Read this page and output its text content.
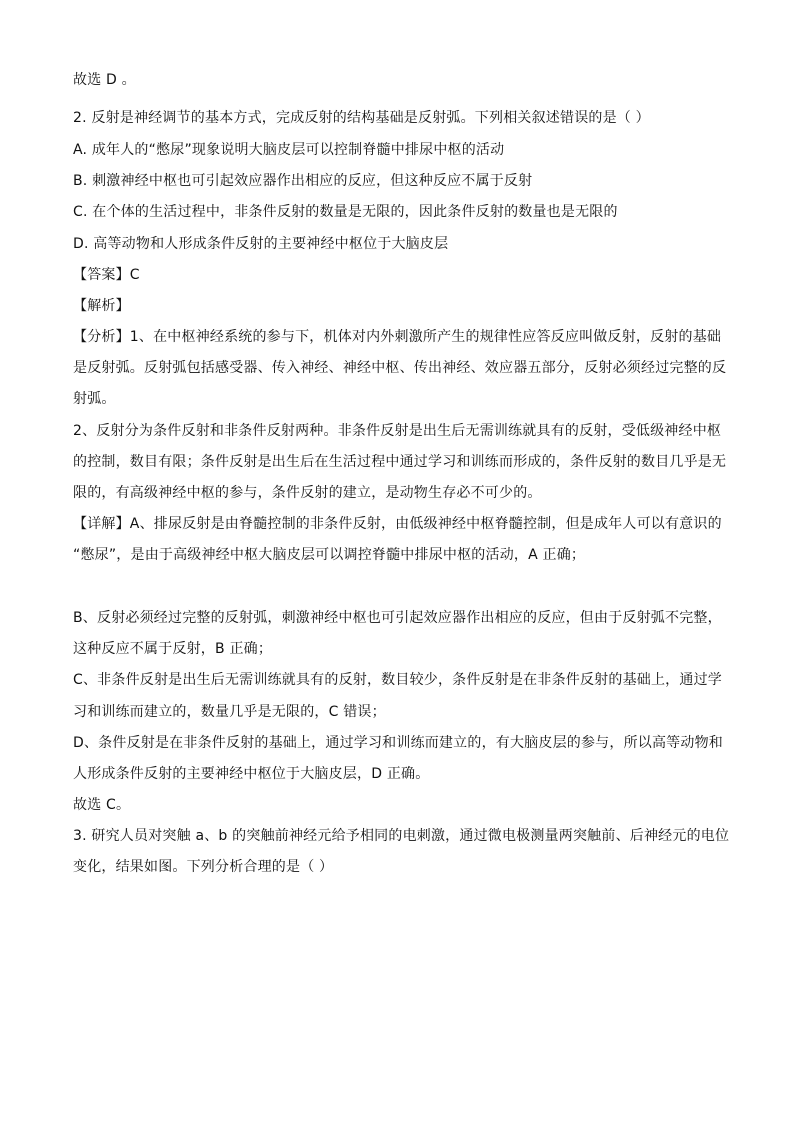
故选 D 。
2. 反射是神经调节的基本方式，完成反射的结构基础是反射弧。下列相关叙述错误的是（ ）
A. 成年人的“憋尿”现象说明大脑皮层可以控制脊髓中排尿中枢的活动
B. 刺激神经中枢也可引起效应器作出相应的反应，但这种反应不属于反射
C. 在个体的生活过程中，非条件反射的数量是无限的，因此条件反射的数量也是无限的
D. 高等动物和人形成条件反射的主要神经中枢位于大脑皮层
【答案】C
【解析】
【分析】1、在中枢神经系统的参与下，机体对内外刺激所产生的规律性应答反应叫做反射，反射的基础
是反射弧。反射弧包括感受器、传入神经、神经中枢、传出神经、效应器五部分，反射必须经过完整的反
射弧。
2、反射分为条件反射和非条件反射两种。非条件反射是出生后无需训练就具有的反射，受低级神经中枢
的控制，数目有限；条件反射是出生后在生活过程中通过学习和训练而形成的，条件反射的数目几乎是无
限的，有高级神经中枢的参与，条件反射的建立，是动物生存必不可少的。
【详解】A、排尿反射是由脊髓控制的非条件反射，由低级神经中枢脊髓控制，但是成年人可以有意识的
“憋尿”，是由于高级神经中枢大脑皮层可以调控脊髓中排尿中枢的活动，A 正确；
B、反射必须经过完整的反射弧，刺激神经中枢也可引起效应器作出相应的反应，但由于反射弧不完整，
这种反应不属于反射，B 正确；
C、非条件反射是出生后无需训练就具有的反射，数目较少，条件反射是在非条件反射的基础上，通过学
习和训练而建立的，数量几乎是无限的，C 错误；
D、条件反射是在非条件反射的基础上，通过学习和训练而建立的，有大脑皮层的参与，所以高等动物和
人形成条件反射的主要神经中枢位于大脑皮层，D 正确。
故选 C。
3. 研究人员对突触 a、b 的突触前神经元给予相同的电刺激，通过微电极测量两突触前、后神经元的电位
变化，结果如图。下列分析合理的是（ ）
